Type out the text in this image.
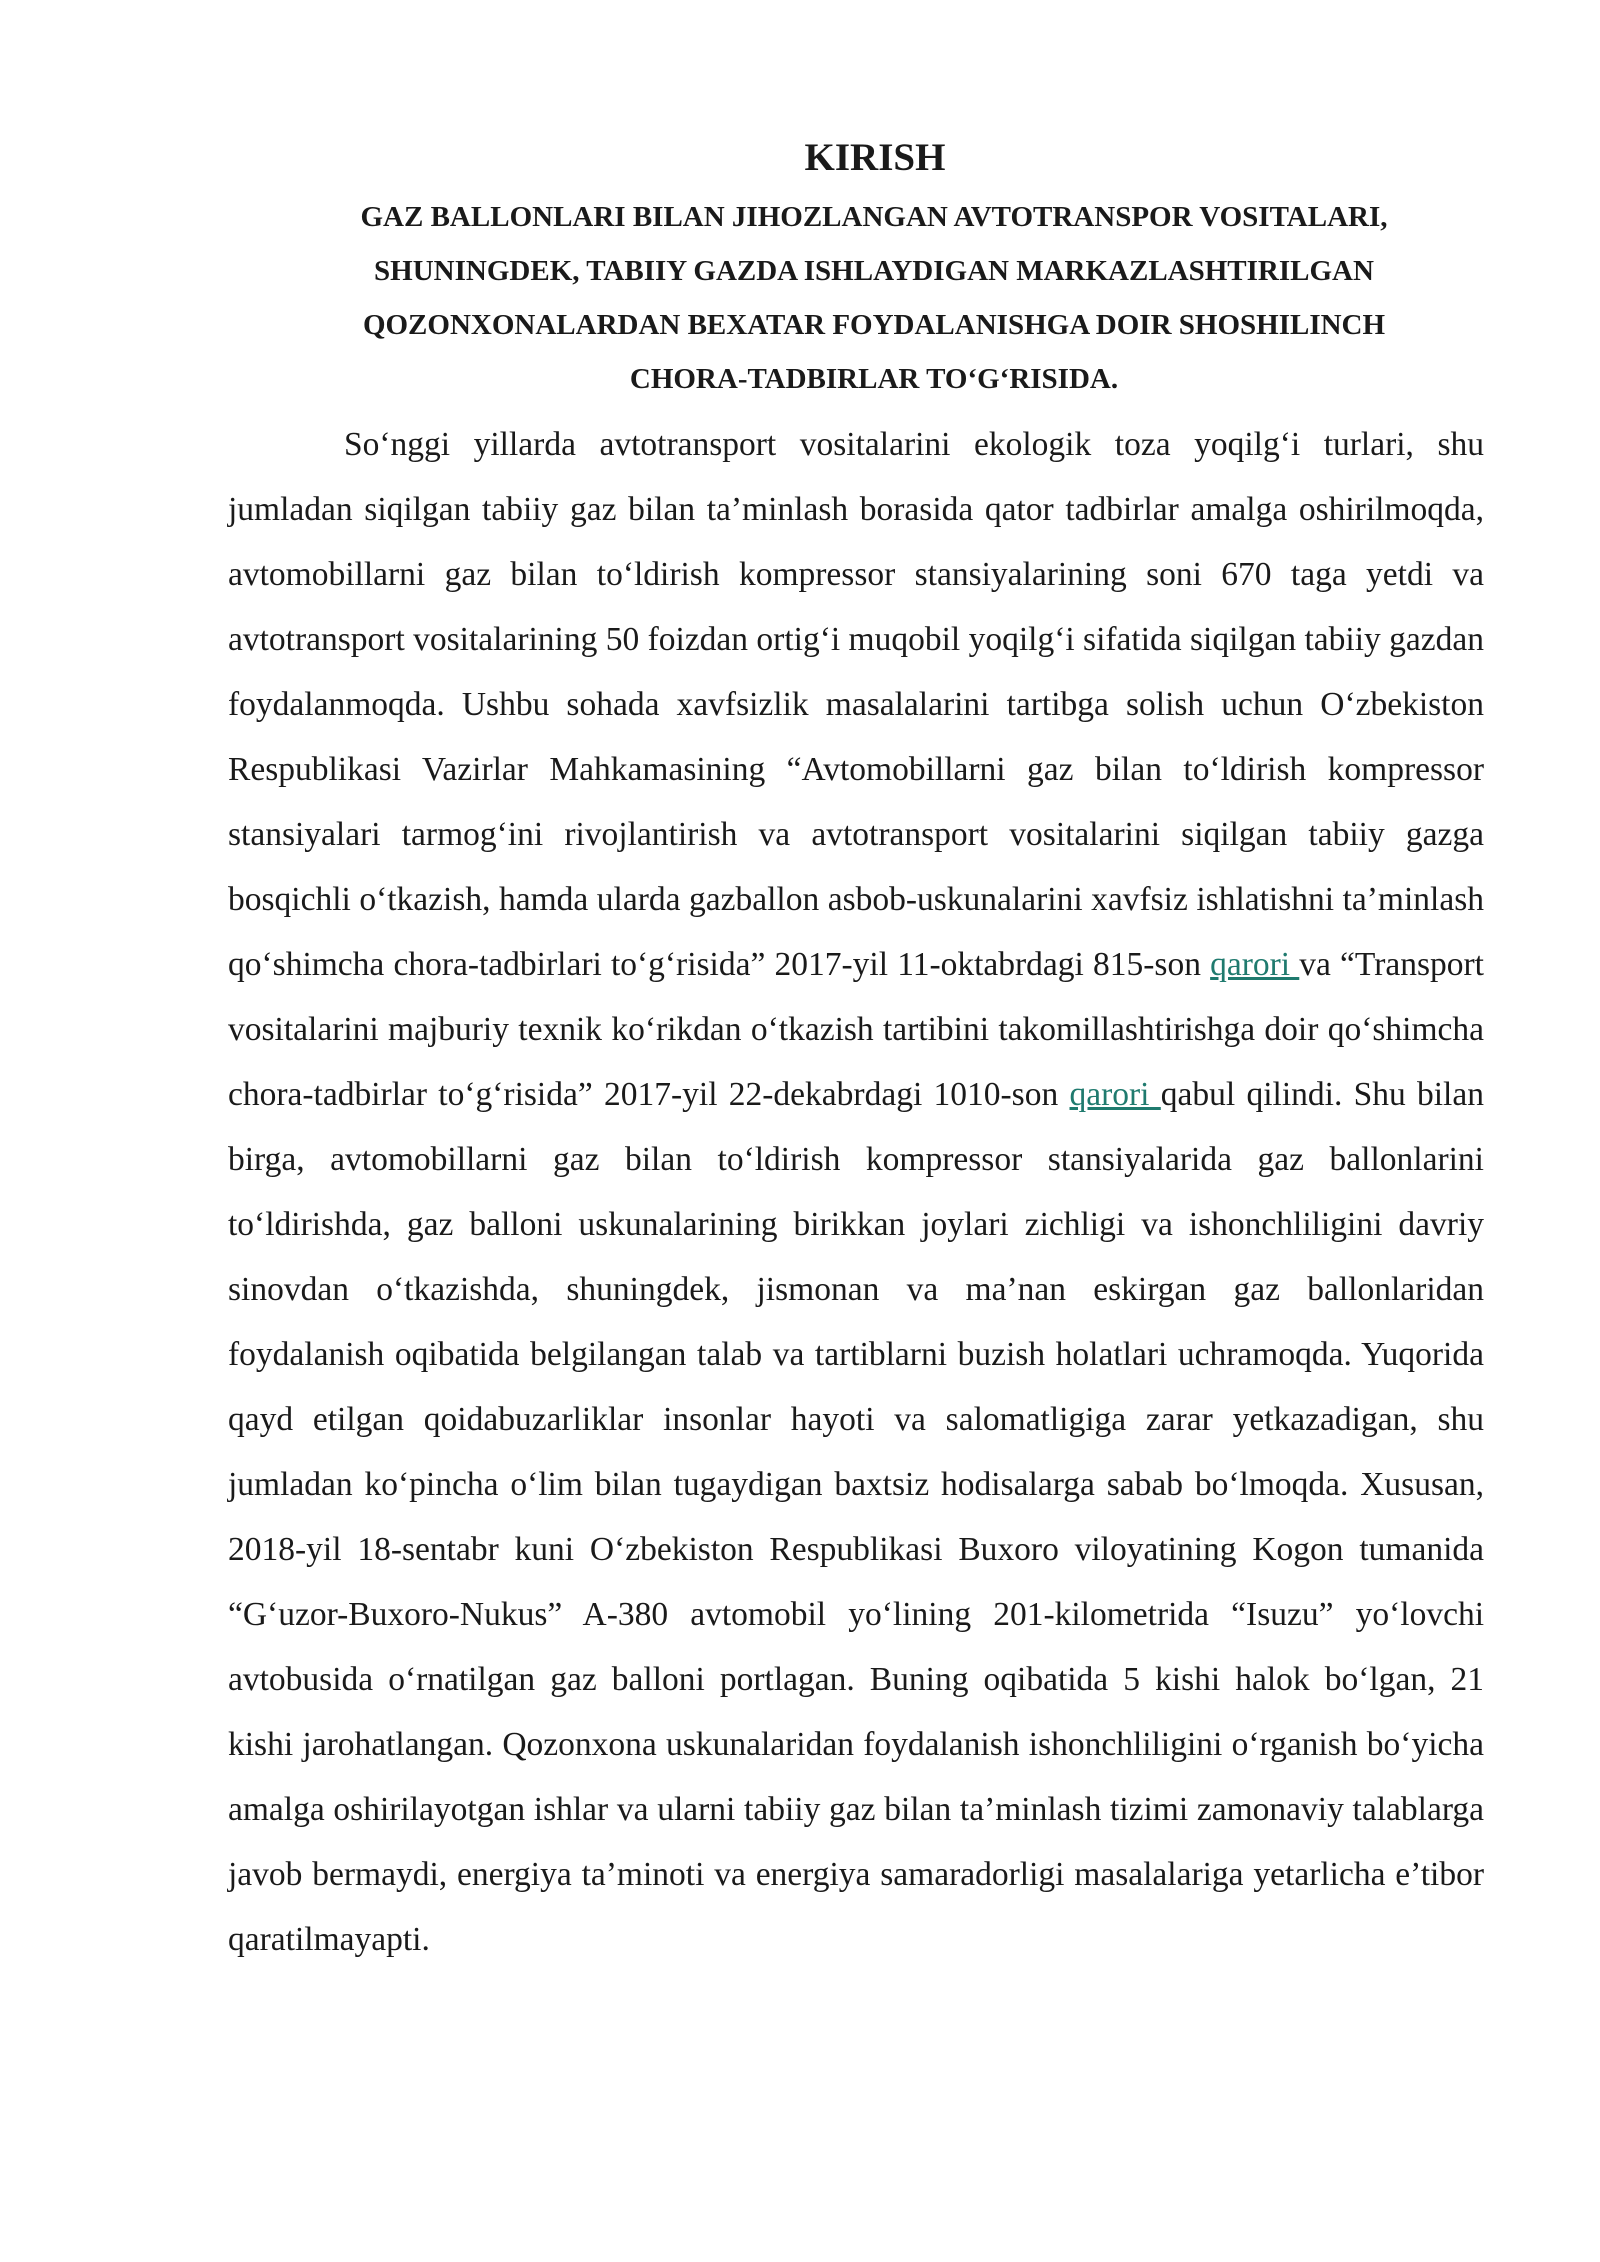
KIRISH
GAZ BALLONLARI BILAN JIHOZLANGAN AVTOTRANSPOR VOSITALARI,
SHUNINGDEK, TABIIY GAZDA ISHLAYDIGAN MARKAZLASHTIRILGAN
QOZONXONALARDAN BEXATAR FOYDALANISHGA DOIR SHOSHILINCH
CHORA-TADBIRLAR TO‘G‘RISIDA.

So‘nggi yillarda avtotransport vositalarini ekologik toza yoqilg‘i turlari, shu jumladan siqilgan tabiiy gaz bilan ta’minlash borasida qator tadbirlar amalga oshirilmoqda, avtomobillarni gaz bilan to‘ldirish kompressor stansiyalarining soni 670 taga yetdi va avtotransport vositalarining 50 foizdan ortig‘i muqobil yoqilg‘i sifatida siqilgan tabiiy gazdan foydalanmoqda. Ushbu sohada xavfsizlik masalalarini tartibga solish uchun O‘zbekiston Respublikasi Vazirlar Mahkamasining “Avtomobillarni gaz bilan to‘ldirish kompressor stansiyalari tarmog‘ini rivojlantirish va avtotransport vositalarini siqilgan tabiiy gazga bosqichli o‘tkazish, hamda ularda gazballon asbob-uskunalarini xavfsiz ishlatishni ta’minlash qo‘shimcha chora-tadbirlari to‘g‘risida” 2017-yil 11-oktabrdagi 815-son qarori va “Transport vositalarini majburiy texnik ko‘rikdan o‘tkazish tartibini takomillashtirishga doir qo‘shimcha chora-tadbirlar to‘g‘risida” 2017-yil 22-dekabrdagi 1010-son qarori qabul qilindi. Shu bilan birga, avtomobillarni gaz bilan to‘ldirish kompressor stansiyalarida gaz ballonlarini to‘ldirishda, gaz balloni uskunalarining birikkan joylari zichligi va ishonchliligini davriy sinovdan o‘tkazishda, shuningdek, jismonan va ma’nan eskirgan gaz ballonlaridan foydalanish oqibatida belgilangan talab va tartiblarni buzish holatlari uchramoqda. Yuqorida qayd etilgan qoidabuzarliklar insonlar hayoti va salomatligiga zarar yetkazadigan, shu jumladan ko‘pincha o‘lim bilan tugaydigan baxtsiz hodisalarga sabab bo‘lmoqda. Xususan, 2018-yil 18-sentabr kuni O‘zbekiston Respublikasi Buxoro viloyatining Kogon tumanida “G‘uzor-Buxoro-Nukus” A-380 avtomobil yo‘lining 201-kilometrida “Isuzu” yo‘lovchi avtobusida o‘rnatilgan gaz balloni portlagan. Buning oqibatida 5 kishi halok bo‘lgan, 21 kishi jarohatlangan. Qozonxona uskunalaridan foydalanish ishonchliligini o‘rganish bo‘yicha amalga oshirilayotgan ishlar va ularni tabiiy gaz bilan ta’minlash tizimi zamonaviy talablarga javob bermaydi, energiya ta’minoti va energiya samaradorligi masalalariga yetarlicha e’tibor qaratilmayapti.
